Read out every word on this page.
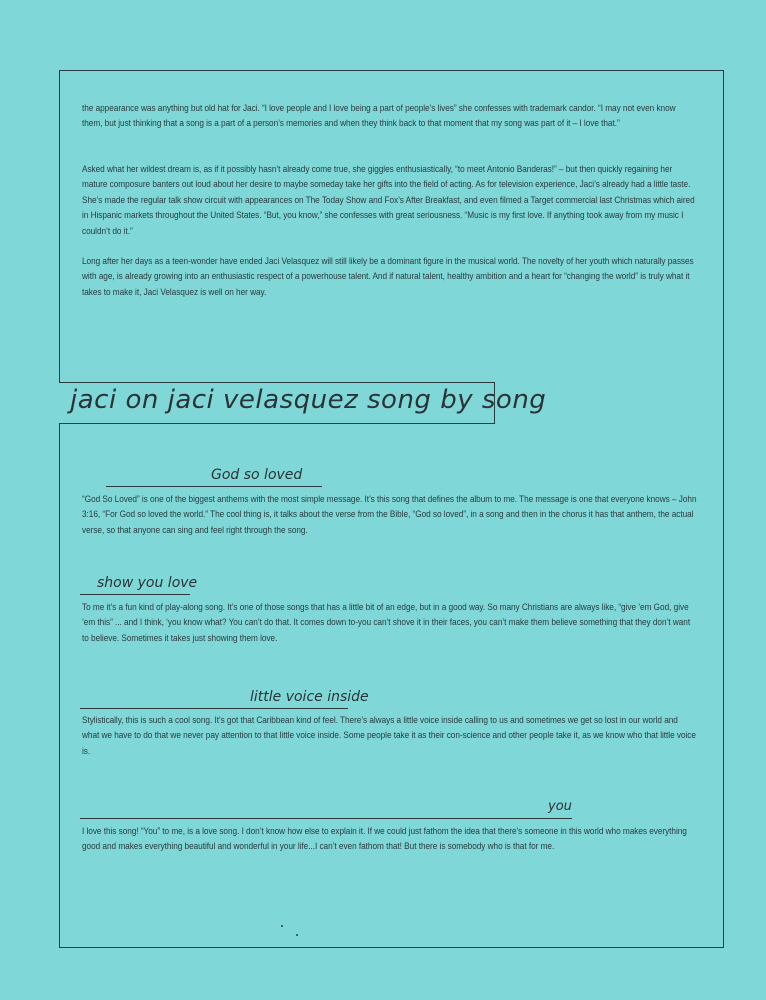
the appearance was anything but old hat for Jaci. “I love people and I love being a part of people’s lives” she confesses with trademark candor. “I may not even know them, but just thinking that a song is a part of a person’s memories and when they think back to that moment that my song was part of it – I love that.”
Asked what her wildest dream is, as if it possibly hasn’t already come true, she giggles enthusiastically, “to meet Antonio Banderas!” – but then quickly regaining her mature composure banters out loud about her desire to maybe someday take her gifts into the field of acting. As for television experience, Jaci’s already had a little taste. She’s made the regular talk show circuit with appearances on The Today Show and Fox’s After Breakfast, and even filmed a Target commercial last Christmas which aired in Hispanic markets throughout the United States. “But, you know,” she confesses with great seriousness. “Music is my first love. If anything took away from my music I couldn’t do it.”
Long after her days as a teen-wonder have ended Jaci Velasquez will still likely be a dominant figure in the musical world. The novelty of her youth which naturally passes with age, is already growing into an enthusiastic respect of a powerhouse talent. And if natural talent, healthy ambition and a heart for “changing the world” is truly what it takes to make it, Jaci Velasquez is well on her way.
jaci on jaci velasquez song by song
God so loved
“God So Loved” is one of the biggest anthems with the most simple message. It’s this song that defines the album to me. The message is one that everyone knows – John 3:16, “For God so loved the world.” The cool thing is, it talks about the verse from the Bible, “God so loved”, in a song and then in the chorus it has that anthem, the actual verse, so that anyone can sing and feel right through the song.
show you love
To me it’s a fun kind of play-along song. It’s one of those songs that has a little bit of an edge, but in a good way. So many Christians are always like, “give ’em God, give ’em this” ... and I think, ‘you know what? You can’t do that. It comes down to-you can’t shove it in their faces, you can’t make them believe something that they don’t want to believe. Sometimes it takes just showing them love.
little voice inside
Stylistically, this is such a cool song. It’s got that Caribbean kind of feel. There’s always a little voice inside calling to us and sometimes we get so lost in our world and what we have to do that we never pay attention to that little voice inside. Some people take it as their con-science and other people take it, as we know who that little voice is.
you
I love this song! “You” to me, is a love song. I don’t know how else to explain it. If we could just fathom the idea that there’s someone in this world who makes everything good and makes everything beautiful and wonderful in your life...I can’t even fathom that! But there is somebody who is that for me.
